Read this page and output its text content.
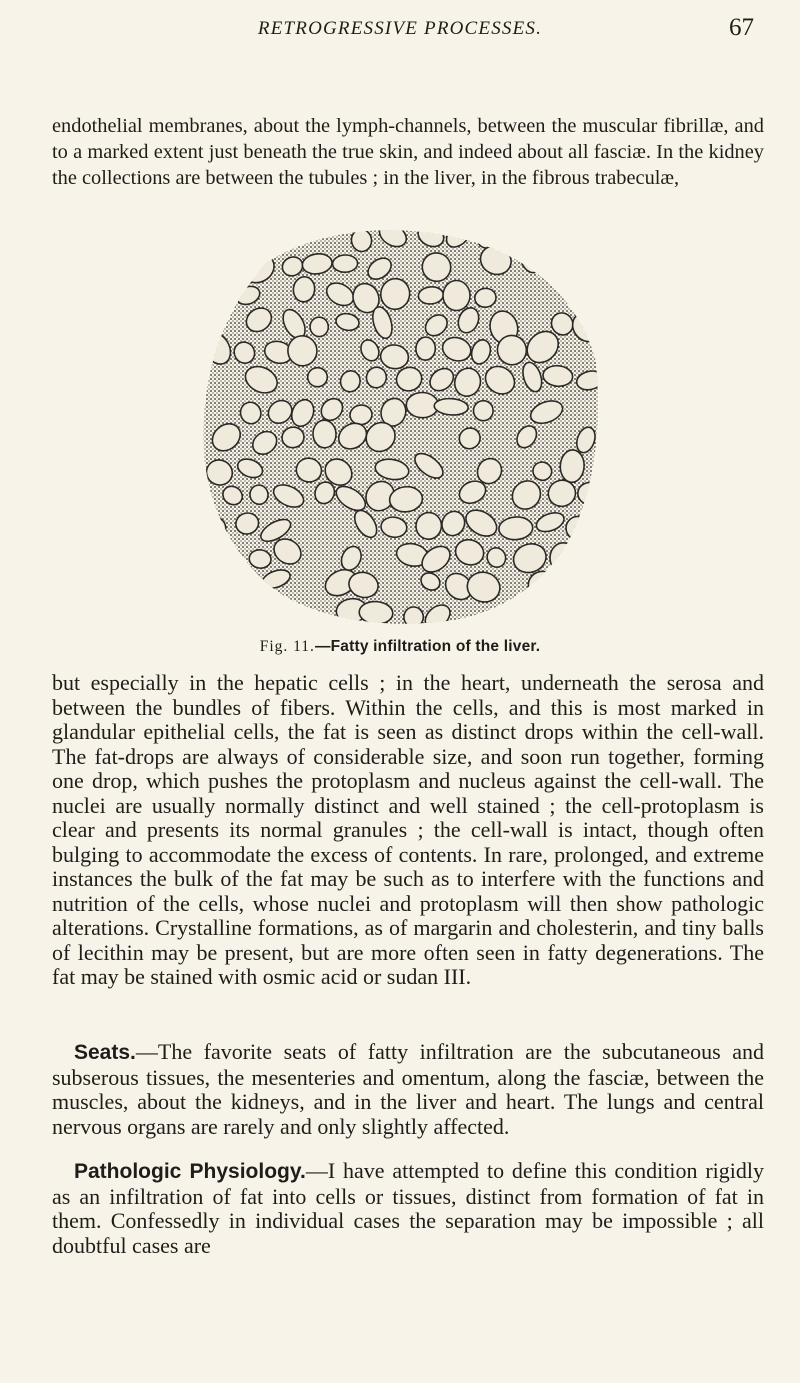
RETROGRESSIVE PROCESSES.	67

endothelial membranes, about the lymph-channels, between the muscular fibrillæ, and to a marked extent just beneath the true skin, and indeed about all fasciæ. In the kidney the collections are between the tubules ; in the liver, in the fibrous trabeculæ,

Fig. 11.—Fatty infiltration of the liver.

but especially in the hepatic cells ; in the heart, underneath the serosa and between the bundles of fibers. Within the cells, and this is most marked in glandular epithelial cells, the fat is seen as distinct drops within the cell-wall. The fat-drops are always of considerable size, and soon run together, forming one drop, which pushes the protoplasm and nucleus against the cell-wall. The nuclei are usually normally distinct and well stained ; the cell-protoplasm is clear and presents its normal granules ; the cell-wall is intact, though often bulging to accommodate the excess of contents. In rare, prolonged, and extreme instances the bulk of the fat may be such as to interfere with the functions and nutrition of the cells, whose nuclei and protoplasm will then show pathologic alterations. Crystalline formations, as of margarin and cholesterin, and tiny balls of lecithin may be present, but are more often seen in fatty degenerations. The fat may be stained with osmic acid or sudan III.

Seats.—The favorite seats of fatty infiltration are the subcutaneous and subserous tissues, the mesenteries and omentum, along the fasciæ, between the muscles, about the kidneys, and in the liver and heart. The lungs and central nervous organs are rarely and only slightly affected.

Pathologic Physiology.—I have attempted to define this condition rigidly as an infiltration of fat into cells or tissues, distinct from formation of fat in them. Confessedly in individual cases the separation may be impossible ; all doubtful cases are
